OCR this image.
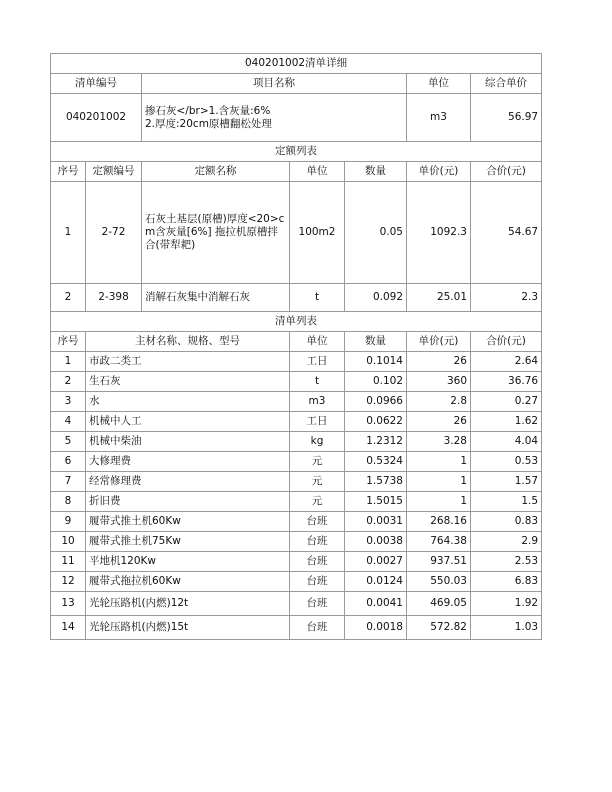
040201002清单详细						
清单编号		项目名称			单位	综合单价
040201002		掺石灰</br>1.含灰量:6%
2.厚度:20cm原槽翻松处理			m3	56.97
定额列表						
序号	定额编号	定额名称	单位	数量	单价(元)	合价(元)
1	2-72	石灰土基层(原槽)厚度<20>cm含灰量[6%] 拖拉机原槽拌合(带犁耙)	100m2	0.05	1092.3	54.67
2	2-398	消解石灰集中消解石灰	t	0.092	25.01	2.3
清单列表						
序号	主材名称、规格、型号		单位	数量	单价(元)	合价(元)
1	市政二类工		工日	0.1014	26	2.64
2	生石灰		t	0.102	360	36.76
3	水		m3	0.0966	2.8	0.27
4	机械中人工		工日	0.0622	26	1.62
5	机械中柴油		kg	1.2312	3.28	4.04
6	大修理费		元	0.5324	1	0.53
7	经常修理费		元	1.5738	1	1.57
8	折旧费		元	1.5015	1	1.5
9	履带式推土机60Kw		台班	0.0031	268.16	0.83
10	履带式推土机75Kw		台班	0.0038	764.38	2.9
11	平地机120Kw		台班	0.0027	937.51	2.53
12	履带式拖拉机60Kw		台班	0.0124	550.03	6.83
13	光轮压路机(内燃)12t		台班	0.0041	469.05	1.92
14	光轮压路机(内燃)15t		台班	0.0018	572.82	1.03
